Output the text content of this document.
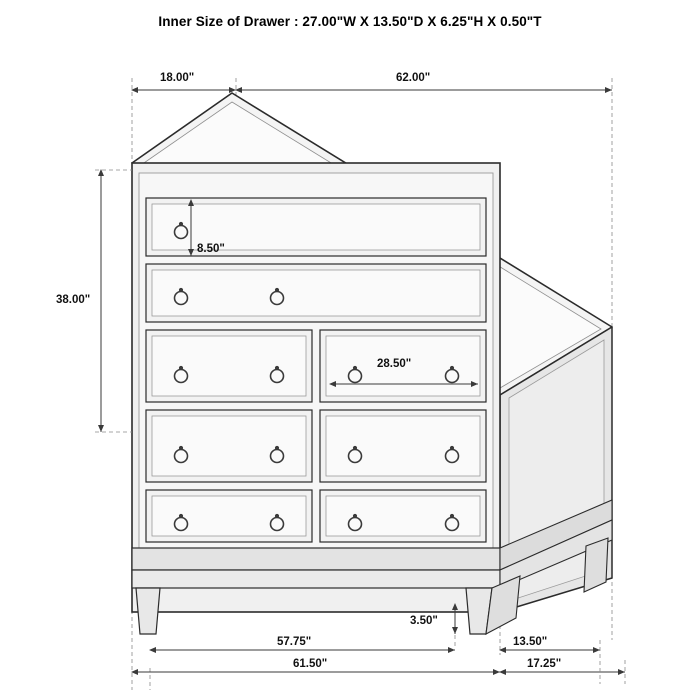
Inner Size of Drawer : 27.00"W X 13.50"D X 6.25"H X 0.50"T
18.00"	62.00"
38.00"
8.50"
28.50"
3.50"
57.75"
61.50"
13.50"
17.25"
